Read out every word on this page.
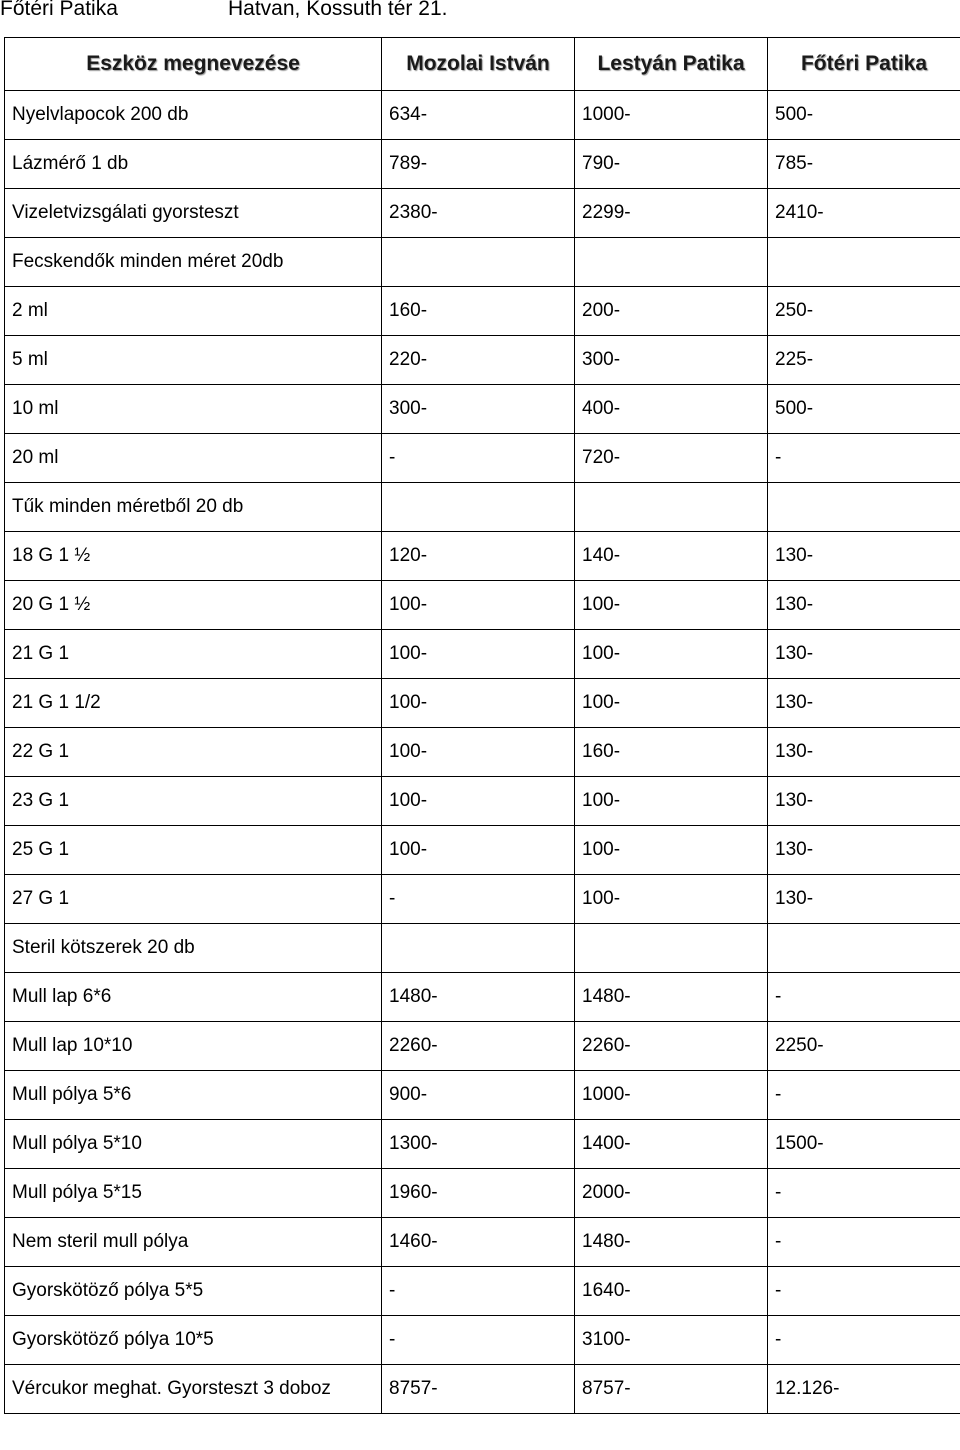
Főtéri Patika	Hatvan, Kossuth tér 21.
Eszköz megnevezése	Mozolai István	Lestyán Patika	Főtéri Patika
Nyelvlapocok 200 db	634-	1000-	500-
Lázmérő 1 db	789-	790-	785-
Vizeletvizsgálati gyorsteszt	2380-	2299-	2410-
Fecskendők minden méret 20db			
2 ml	160-	200-	250-
5 ml	220-	300-	225-
10 ml	300-	400-	500-
20 ml	-	720-	-
Tűk minden méretből 20 db			
18 G 1 ½	120-	140-	130-
20 G 1 ½	100-	100-	130-
21 G 1	100-	100-	130-
21 G 1 1/2	100-	100-	130-
22 G 1	100-	160-	130-
23 G 1	100-	100-	130-
25 G 1	100-	100-	130-
27 G 1	-	100-	130-
Steril kötszerek 20 db			
Mull lap 6*6	1480-	1480-	-
Mull lap 10*10	2260-	2260-	2250-
Mull pólya 5*6	900-	1000-	-
Mull pólya 5*10	1300-	1400-	1500-
Mull pólya 5*15	1960-	2000-	-
Nem steril mull pólya	1460-	1480-	-
Gyorskötöző pólya 5*5	-	1640-	-
Gyorskötöző pólya 10*5	-	3100-	-
Vércukor meghat. Gyorsteszt 3 doboz	8757-	8757-	12.126-
